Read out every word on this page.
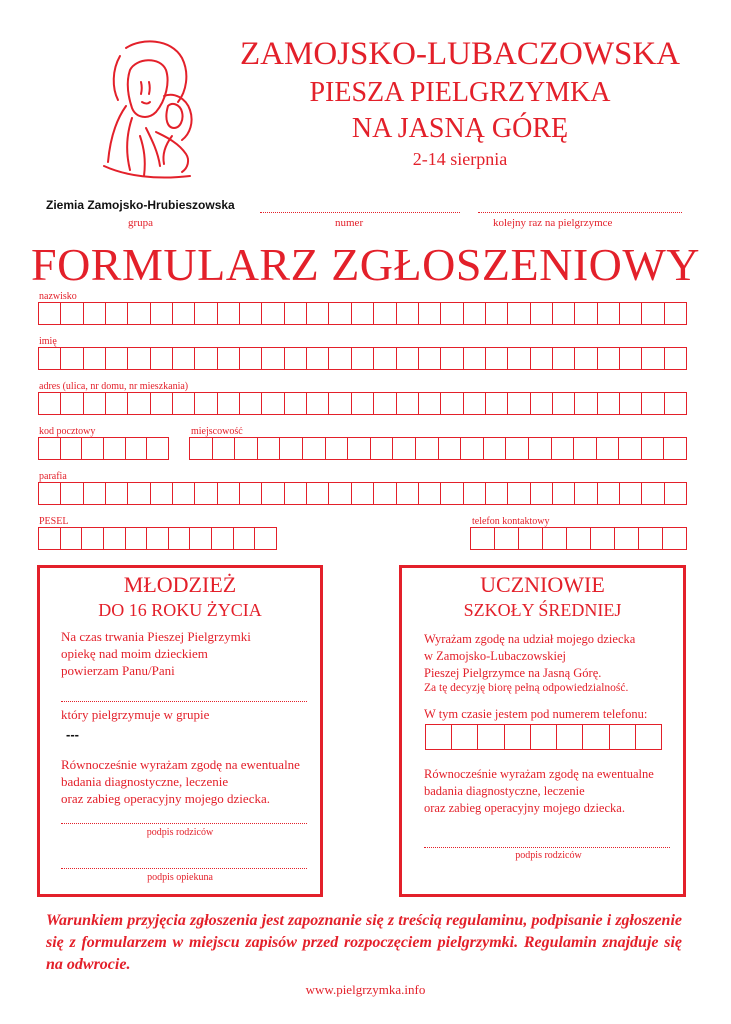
ZAMOJSKO-LUBACZOWSKA
PIESZA PIELGRZYMKA
NA JASNĄ GÓRĘ
2-14 sierpnia
Ziemia Zamojsko-Hrubieszowska
grupa	numer	kolejny raz na pielgrzymce
FORMULARZ ZGŁOSZENIOWY
nazwisko
imię
adres (ulica, nr domu, nr mieszkania)
kod pocztowy	miejscowość
parafia
PESEL	telefon kontaktowy
MŁODZIEŻ
DO 16 ROKU ŻYCIA
Na czas trwania Pieszej Pielgrzymki
opiekę nad moim dzieckiem
powierzam Panu/Pani
który pielgrzymuje w grupie
---
Równocześnie wyrażam zgodę na ewentualne
badania diagnostyczne, leczenie
oraz zabieg operacyjny mojego dziecka.
podpis rodziców
podpis opiekuna
UCZNIOWIE
SZKOŁY ŚREDNIEJ
Wyrażam zgodę na udział mojego dziecka
w Zamojsko-Lubaczowskiej
Pieszej Pielgrzymce na Jasną Górę.
Za tę decyzję biorę pełną odpowiedzialność.
W tym czasie jestem pod numerem telefonu:
Równocześnie wyrażam zgodę na ewentualne
badania diagnostyczne, leczenie
oraz zabieg operacyjny mojego dziecka.
podpis rodziców
Warunkiem przyjęcia zgłoszenia jest zapoznanie się z treścią regulaminu, podpisanie i zgłoszenie się z formularzem w miejscu zapisów przed rozpoczęciem pielgrzymki. Regulamin znajduje się na odwrocie.
www.pielgrzymka.info
